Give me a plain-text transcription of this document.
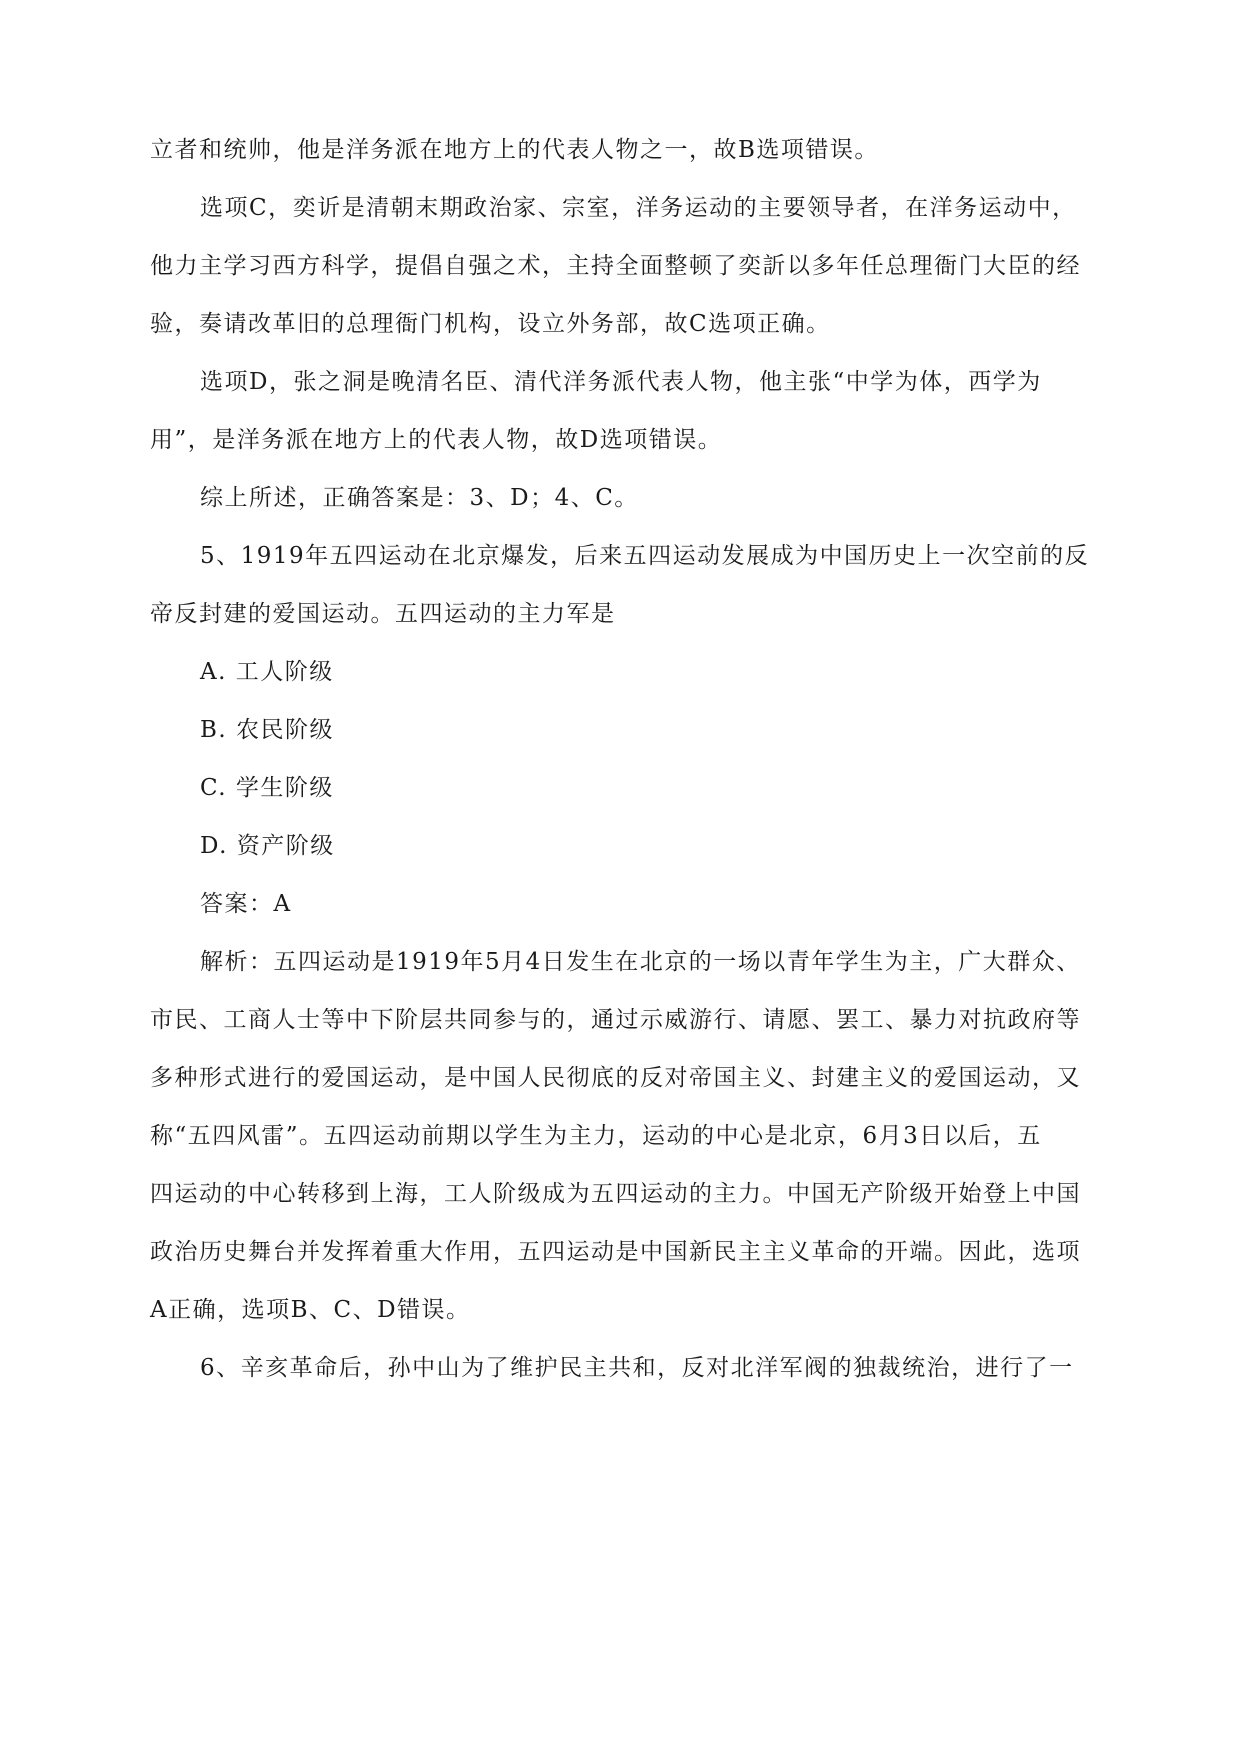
立者和统帅，他是洋务派在地方上的代表人物之一，故B选项错误。

选项C，奕䜣是清朝末期政治家、宗室，洋务运动的主要领导者，在洋务运动中，

他力主学习西方科学，提倡自强之术，主持全面整顿了奕訢以多年任总理衙门大臣的经

验，奏请改革旧的总理衙门机构，设立外务部，故C选项正确。

选项D，张之洞是晚清名臣、清代洋务派代表人物，他主张“中学为体，西学为

用”，是洋务派在地方上的代表人物，故D选项错误。

综上所述，正确答案是：3、D；4、C。

5、1919年五四运动在北京爆发，后来五四运动发展成为中国历史上一次空前的反

帝反封建的爱国运动。五四运动的主力军是

A. 工人阶级

B. 农民阶级

C. 学生阶级

D. 资产阶级

答案：A

解析：五四运动是1919年5月4日发生在北京的一场以青年学生为主，广大群众、

市民、工商人士等中下阶层共同参与的，通过示威游行、请愿、罢工、暴力对抗政府等

多种形式进行的爱国运动，是中国人民彻底的反对帝国主义、封建主义的爱国运动，又

称“五四风雷”。五四运动前期以学生为主力，运动的中心是北京，6月3日以后，五

四运动的中心转移到上海，工人阶级成为五四运动的主力。中国无产阶级开始登上中国

政治历史舞台并发挥着重大作用，五四运动是中国新民主主义革命的开端。因此，选项

A正确，选项B、C、D错误。

6、辛亥革命后，孙中山为了维护民主共和，反对北洋军阀的独裁统治，进行了一
